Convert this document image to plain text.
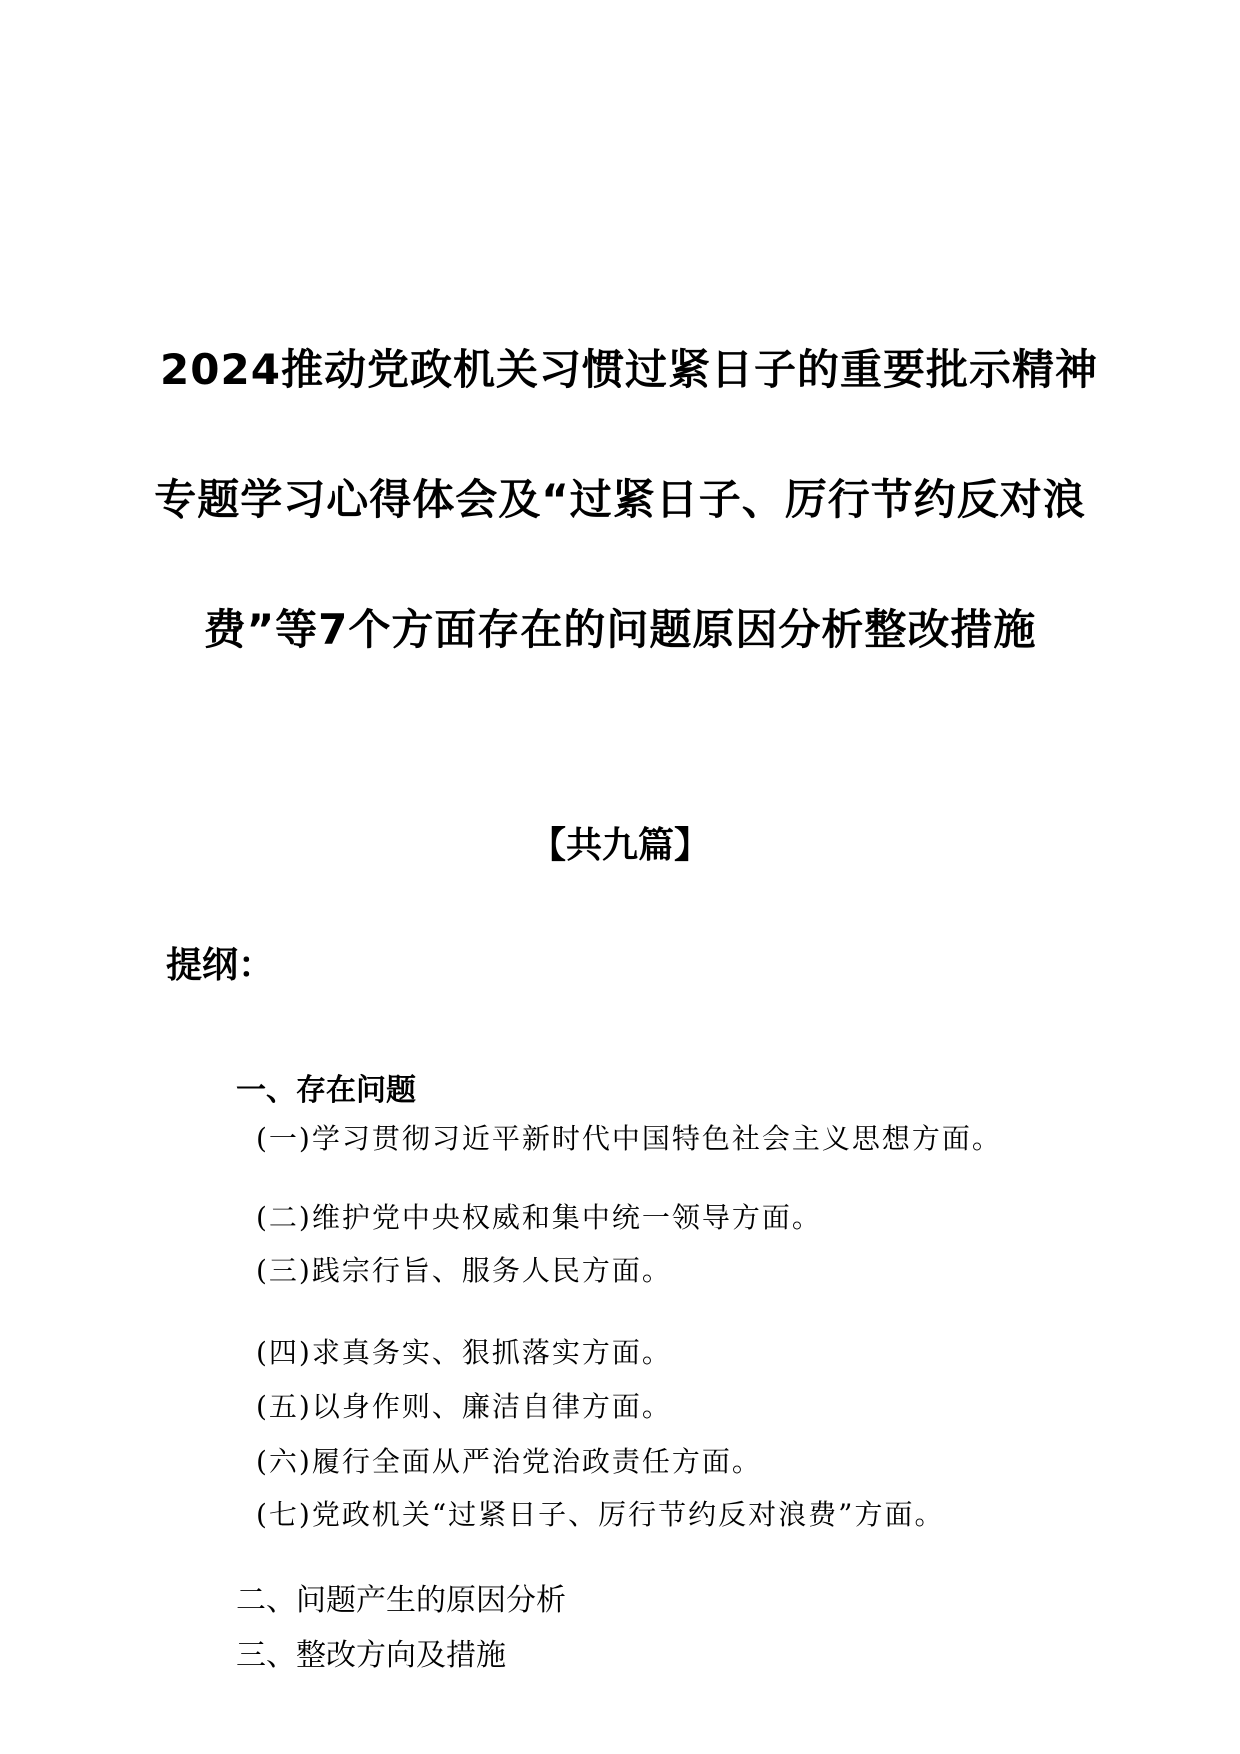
2024推动党政机关习惯过紧日子的重要批示精神
专题学习心得体会及“过紧日子、厉行节约反对浪
费”等7个方面存在的问题原因分析整改措施
【共九篇】
提纲：
一、存在问题
(一)学习贯彻习近平新时代中国特色社会主义思想方面。
(二)维护党中央权威和集中统一领导方面。
(三)践宗行旨、服务人民方面。
(四)求真务实、狠抓落实方面。
(五)以身作则、廉洁自律方面。
(六)履行全面从严治党治政责任方面。
(七)党政机关“过紧日子、厉行节约反对浪费”方面。
二、问题产生的原因分析
三、整改方向及措施
